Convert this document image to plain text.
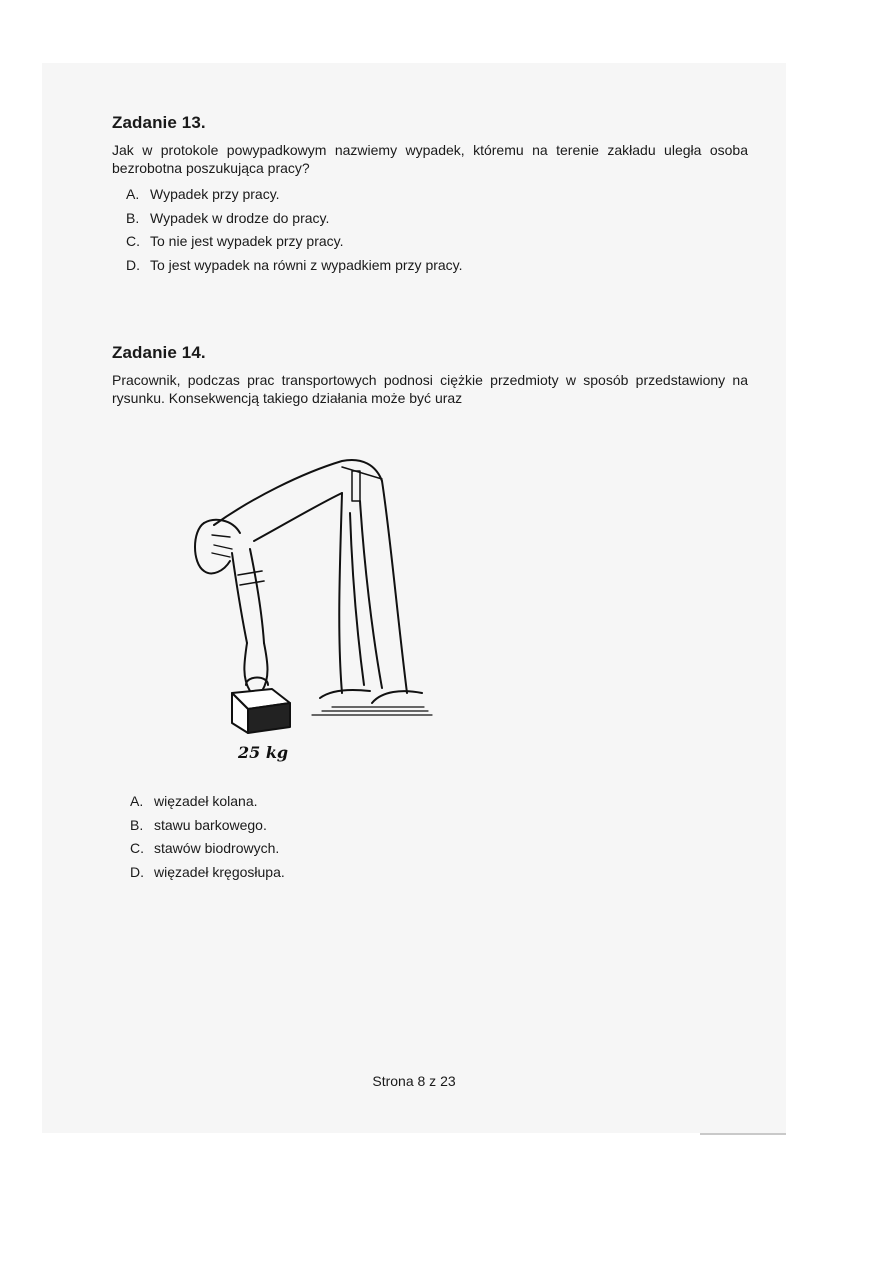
Zadanie 13.

Jak w protokole powypadkowym nazwiemy wypadek, któremu na terenie zakładu uległa osoba bezrobotna poszukująca pracy?

A. Wypadek przy pracy.
B. Wypadek w drodze do pracy.
C. To nie jest wypadek przy pracy.
D. To jest wypadek na równi z wypadkiem przy pracy.
Zadanie 14.

Pracownik, podczas prac transportowych podnosi ciężkie przedmioty w sposób przedstawiony na rysunku. Konsekwencją takiego działania może być uraz

25 kg
A. więzadeł kolana.
B. stawu barkowego.
C. stawów biodrowych.
D. więzadeł kręgosłupa.
Strona 8 z 23
